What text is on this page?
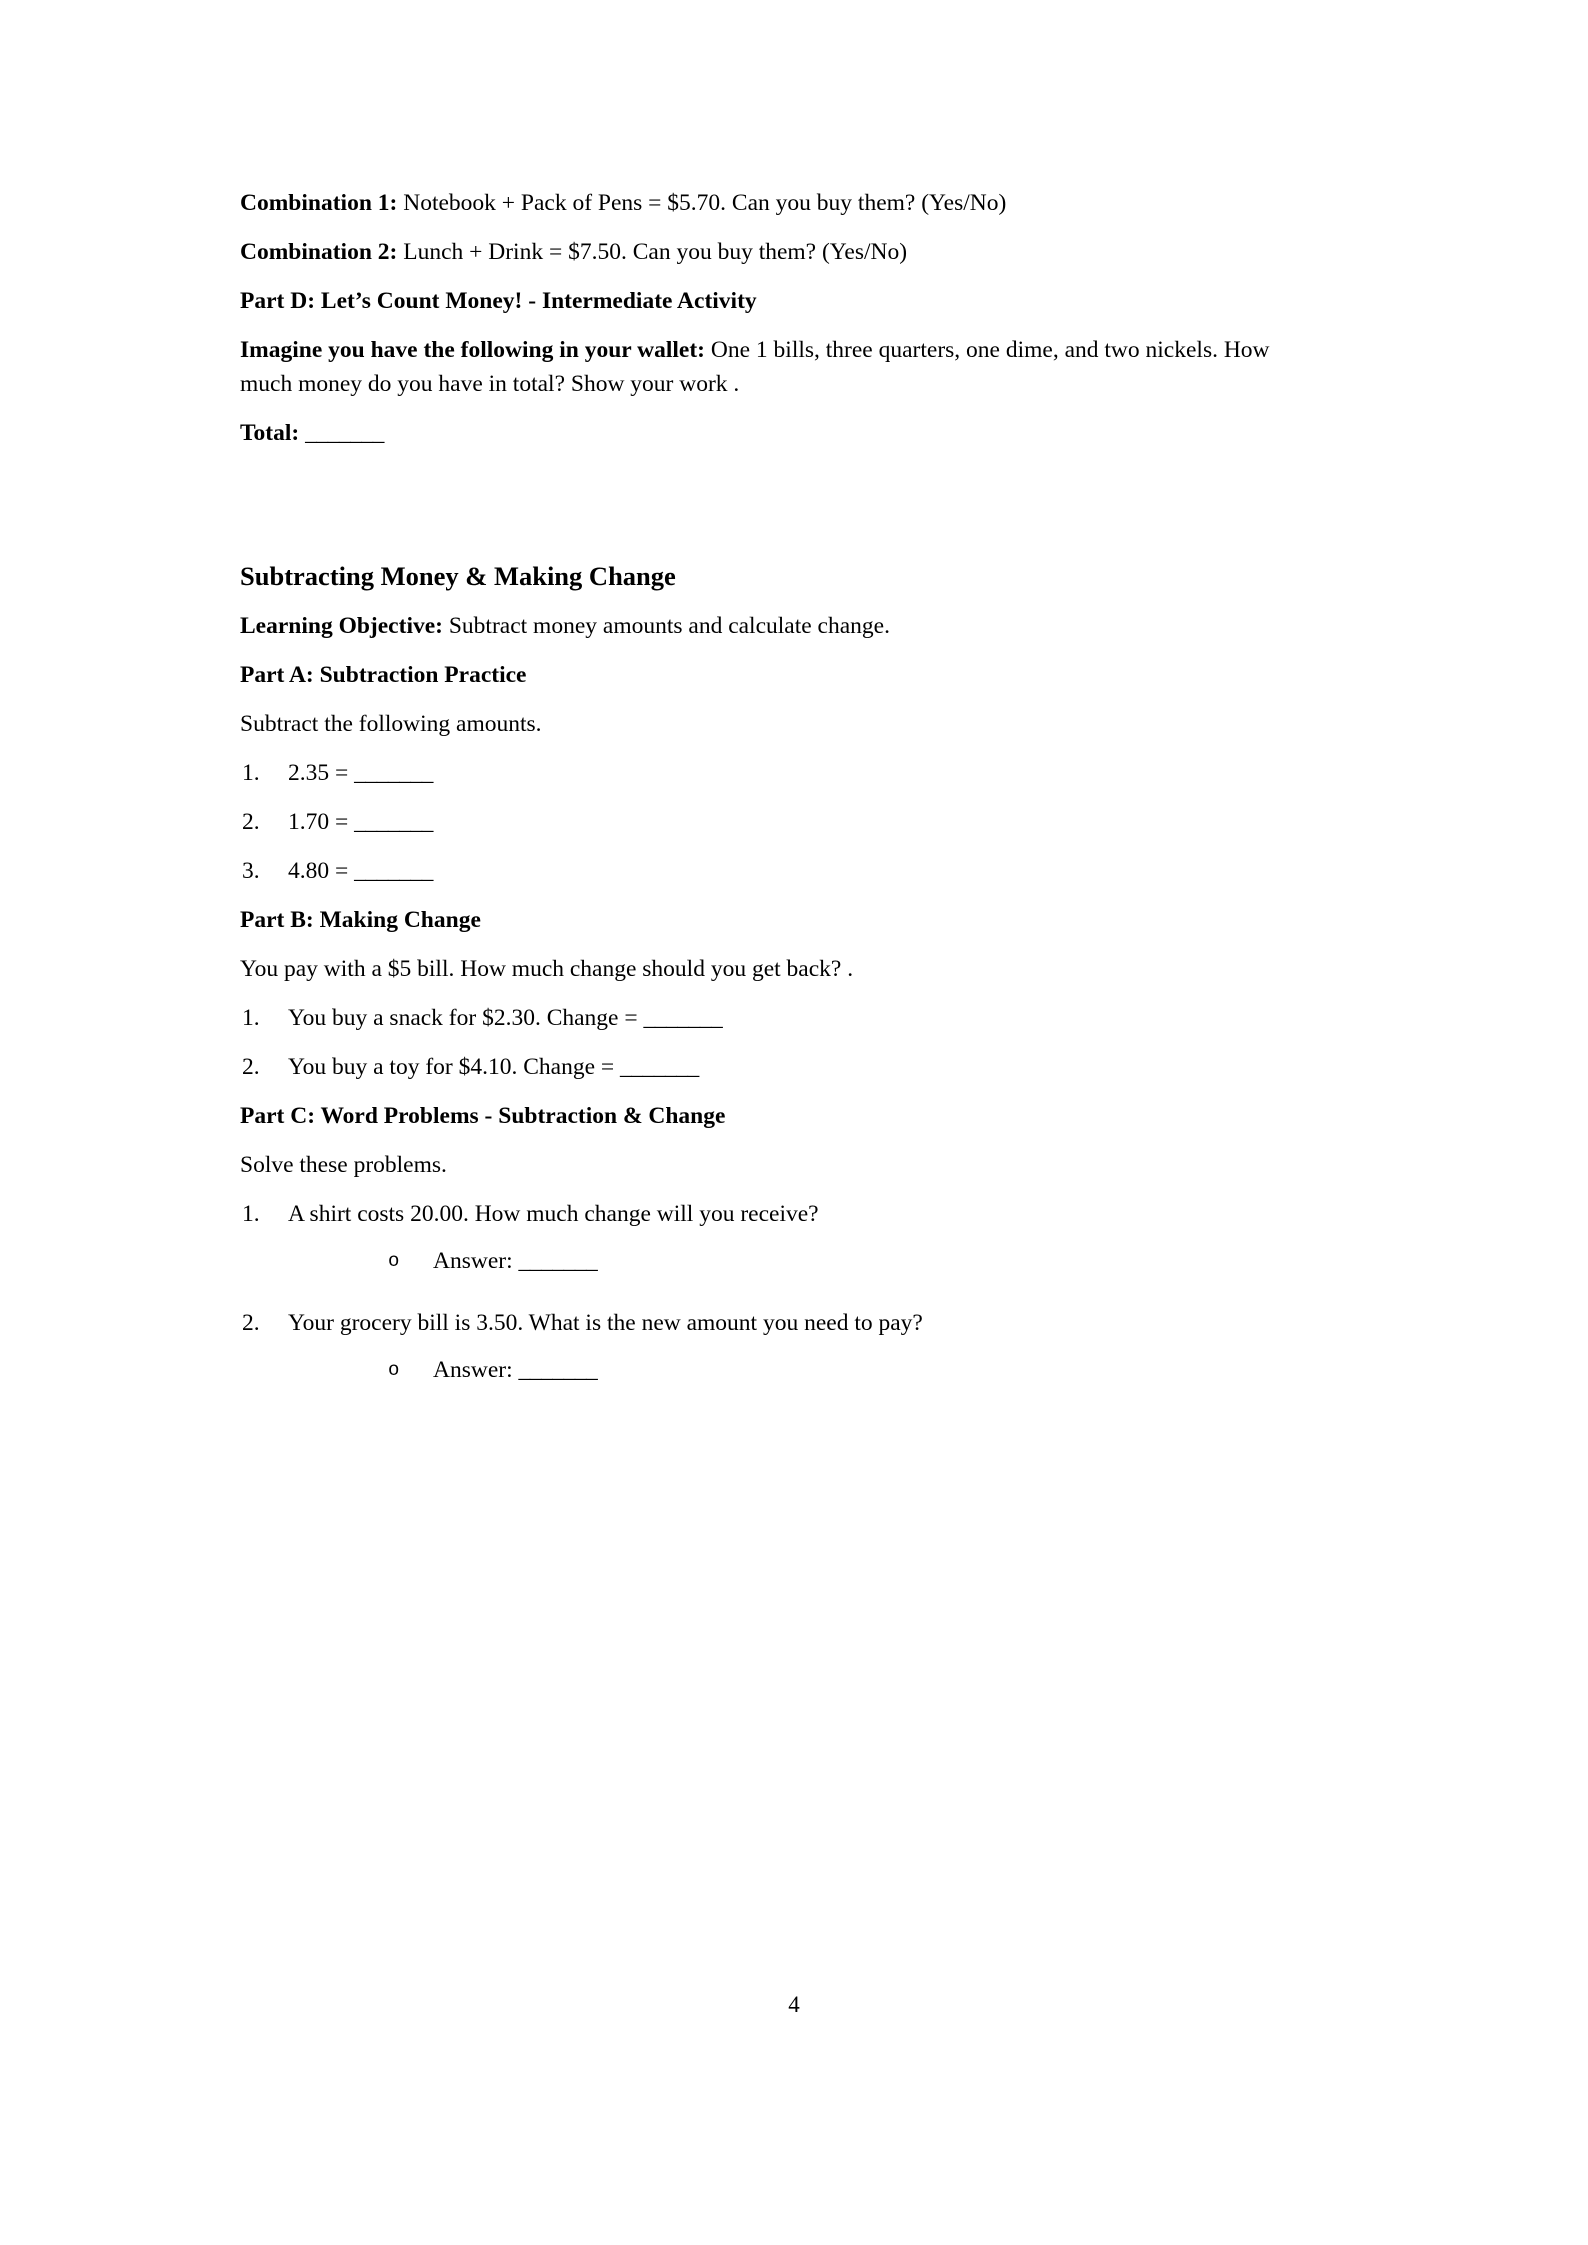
Combination 1: Notebook + Pack of Pens = $5.70. Can you buy them? (Yes/No)

Combination 2: Lunch + Drink = $7.50. Can you buy them? (Yes/No)

Part D: Let’s Count Money! - Intermediate Activity

Imagine you have the following in your wallet: One 1 bills, three quarters, one dime, and two nickels. How much money do you have in total? Show your work .

Total: _______

Subtracting Money & Making Change

Learning Objective: Subtract money amounts and calculate change.

Part A: Subtraction Practice

Subtract the following amounts.

1.	2.35 = _______
2.	1.70 = _______
3.	4.80 = _______

Part B: Making Change

You pay with a $5 bill. How much change should you get back? .

1.	You buy a snack for $2.30. Change = _______
2.	You buy a toy for $4.10. Change = _______

Part C: Word Problems - Subtraction & Change

Solve these problems.

1.	A shirt costs 20.00. How much change will you receive?
o Answer: _______
2.	Your grocery bill is 3.50. What is the new amount you need to pay?
o Answer: _______
4
